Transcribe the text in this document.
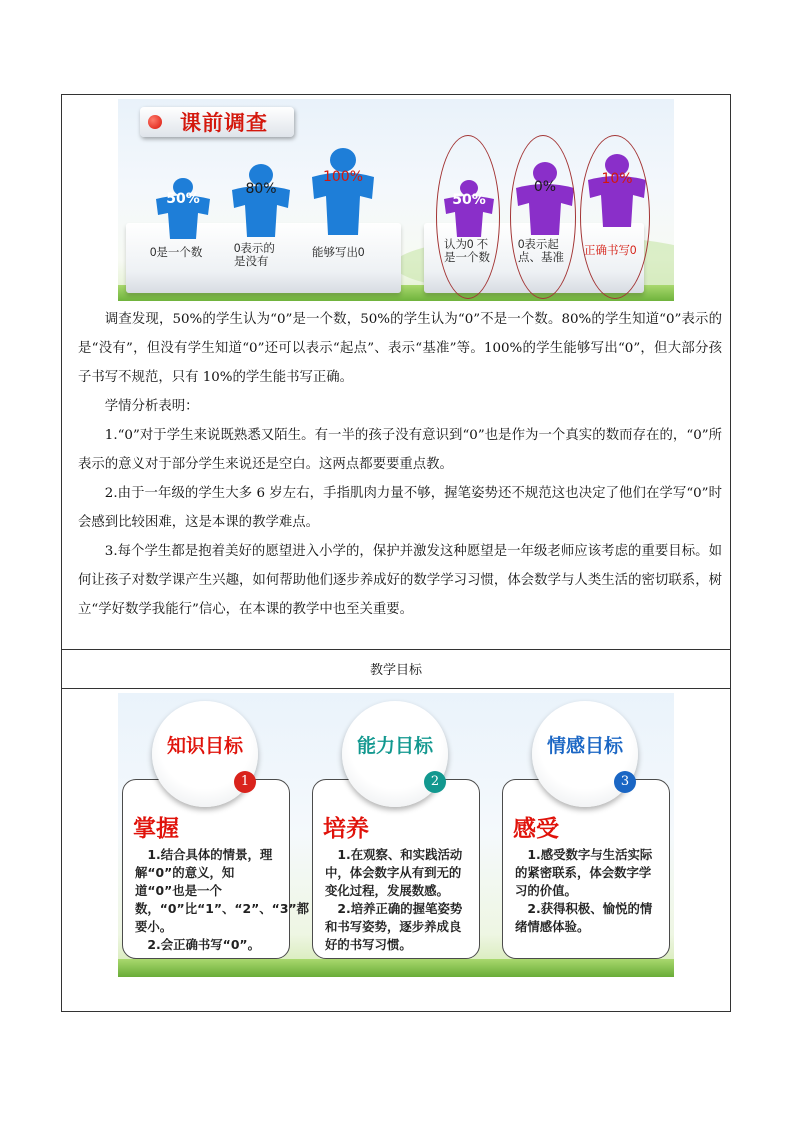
课前调查
50%
0是一个数
80%
0表示的
是没有
100%
能够写出0
50%
认为0 不
是一个数
0%
0表示起
点、基准
10%
正确书写0

调查发现，50%的学生认为“0”是一个数，50%的学生认为“0”不是一个数。80%的学生知道“0”表示的是“没有”，但没有学生知道“0”还可以表示“起点”、表示“基准”等。100%的学生能够写出“0”，但大部分孩子书写不规范，只有 10%的学生能书写正确。

学情分析表明：

1.“0”对于学生来说既熟悉又陌生。有一半的孩子没有意识到“0”也是作为一个真实的数而存在的，“0”所表示的意义对于部分学生来说还是空白。这两点都要要重点教。

2.由于一年级的学生大多 6 岁左右，手指肌肉力量不够，握笔姿势还不规范这也决定了他们在学写“0”时会感到比较困难，这是本课的教学难点。

3.每个学生都是抱着美好的愿望进入小学的，保护并激发这种愿望是一年级老师应该考虑的重要目标。如何让孩子对数学课产生兴趣，如何帮助他们逐步养成好的数学学习习惯，体会数学与人类生活的密切联系，树立“学好数学我能行”信心，在本课的教学中也至关重要。

教学目标
掌握
1.结合具体的情景，理解“0”的意义，知道“0”也是一个数，“0”比“1”、“2”、“3”都要小。
2.会正确书写“0”。
知识目标
1
培养
1.在观察、和实践活动中，体会数字从有到无的变化过程，发展数感。
2.培养正确的握笔姿势和书写姿势，逐步养成良好的书写习惯。
能力目标
2
感受
1.感受数字与生活实际的紧密联系，体会数字学习的价值。
2.获得积极、愉悦的情绪情感体验。
情感目标
3
